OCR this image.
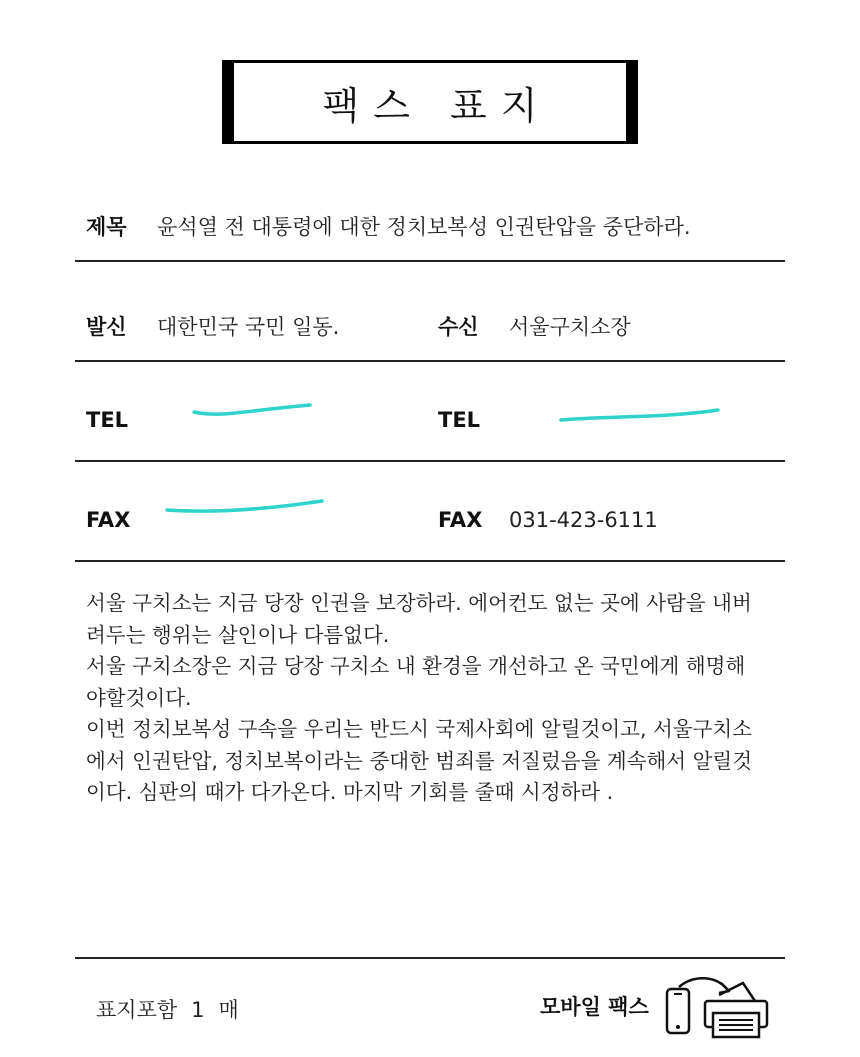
팩스 표지
제목 윤석열 전 대통령에 대한 정치보복성 인권탄압을 중단하라.
발신 대한민국 국민 일동.	수신 서울구치소장
TEL	TEL
FAX	FAX 031-423-6111
서울 구치소는 지금 당장 인권을 보장하라. 에어컨도 없는 곳에 사람을 내버
려두는 행위는 살인이나 다름없다.
서울 구치소장은 지금 당장 구치소 내 환경을 개선하고 온 국민에게 해명해
야할것이다.
이번 정치보복성 구속을 우리는 반드시 국제사회에 알릴것이고, 서울구치소
에서 인권탄압, 정치보복이라는 중대한 범죄를 저질렀음을 계속해서 알릴것
이다. 심판의 때가 다가온다. 마지막 기회를 줄때 시정하라 .
표지포함 1 매	모바일 팩스
